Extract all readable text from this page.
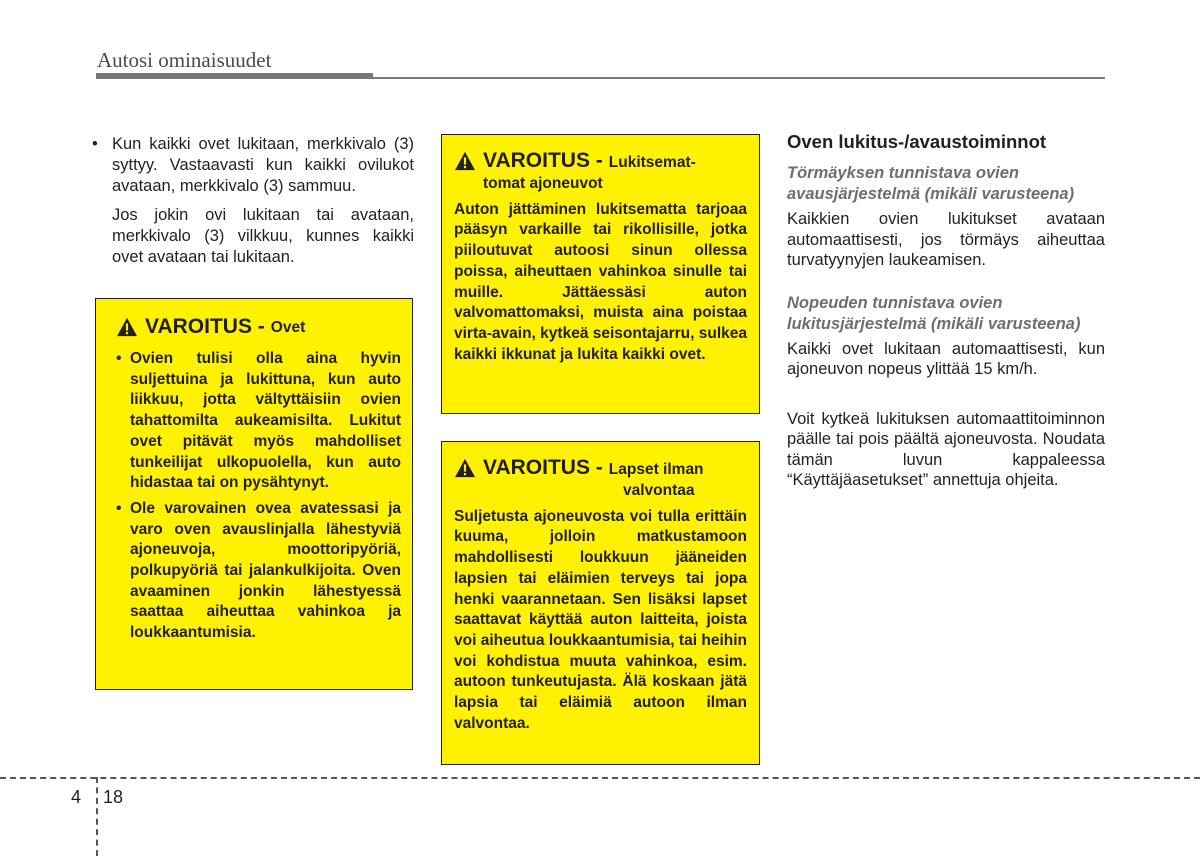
Autosi ominaisuudet
• Kun kaikki ovet lukitaan, merkkivalo (3) syttyy. Vastaavasti kun kaikki ovilukot avataan, merkkivalo (3) sammuu.
Jos jokin ovi lukitaan tai avataan, merkkivalo (3) vilkkuu, kunnes kaikki ovet avataan tai lukitaan.
VAROITUS - Ovet
• Ovien tulisi olla aina hyvin suljettuina ja lukittuna, kun auto liikkuu, jotta vältyttäisiin ovien tahattomilta aukeamisilta. Lukitut ovet pitävät myös mahdolliset tunkeilijat ulkopuolella, kun auto hidastaa tai on pysähtynyt.
• Ole varovainen ovea avatessasi ja varo oven avauslinjalla lähestyviä ajoneuvoja, moottoripyöriä, polkupyöriä tai jalankulkijoita. Oven avaaminen jonkin lähestyessä saattaa aiheuttaa vahinkoa ja loukkaantumisia.
VAROITUS - Lukitsemat-
tomat ajoneuvot
Auton jättäminen lukitsematta tarjoaa pääsyn varkaille tai rikollisille, jotka piiloutuvat autoosi sinun ollessa poissa, aiheuttaen vahinkoa sinulle tai muille. Jättäessäsi auton valvomattomaksi, muista aina poistaa virta-avain, kytkeä seisontajarru, sulkea kaikki ikkunat ja lukita kaikki ovet.
VAROITUS - Lapset ilman
valvontaa
Suljetusta ajoneuvosta voi tulla erittäin kuuma, jolloin matkustamoon mahdollisesti loukkuun jääneiden lapsien tai eläimien terveys tai jopa henki vaarannetaan. Sen lisäksi lapset saattavat käyttää auton laitteita, joista voi aiheutua loukkaantumisia, tai heihin voi kohdistua muuta vahinkoa, esim. autoon tunkeutujasta. Älä koskaan jätä lapsia tai eläimiä autoon ilman valvontaa.
Oven lukitus-/avaustoiminnot
Törmäyksen tunnistava ovien avausjärjestelmä (mikäli varusteena)
Kaikkien ovien lukitukset avataan automaattisesti, jos törmäys aiheuttaa turvatyynyjen laukeamisen.
Nopeuden tunnistava ovien lukitusjärjestelmä (mikäli varusteena)
Kaikki ovet lukitaan automaattisesti, kun ajoneuvon nopeus ylittää 15 km/h.
Voit kytkeä lukituksen automaattitoiminnon päälle tai pois päältä ajoneuvosta. Noudata tämän luvun kappaleessa “Käyttäjäasetukset” annettuja ohjeita.
4 18
